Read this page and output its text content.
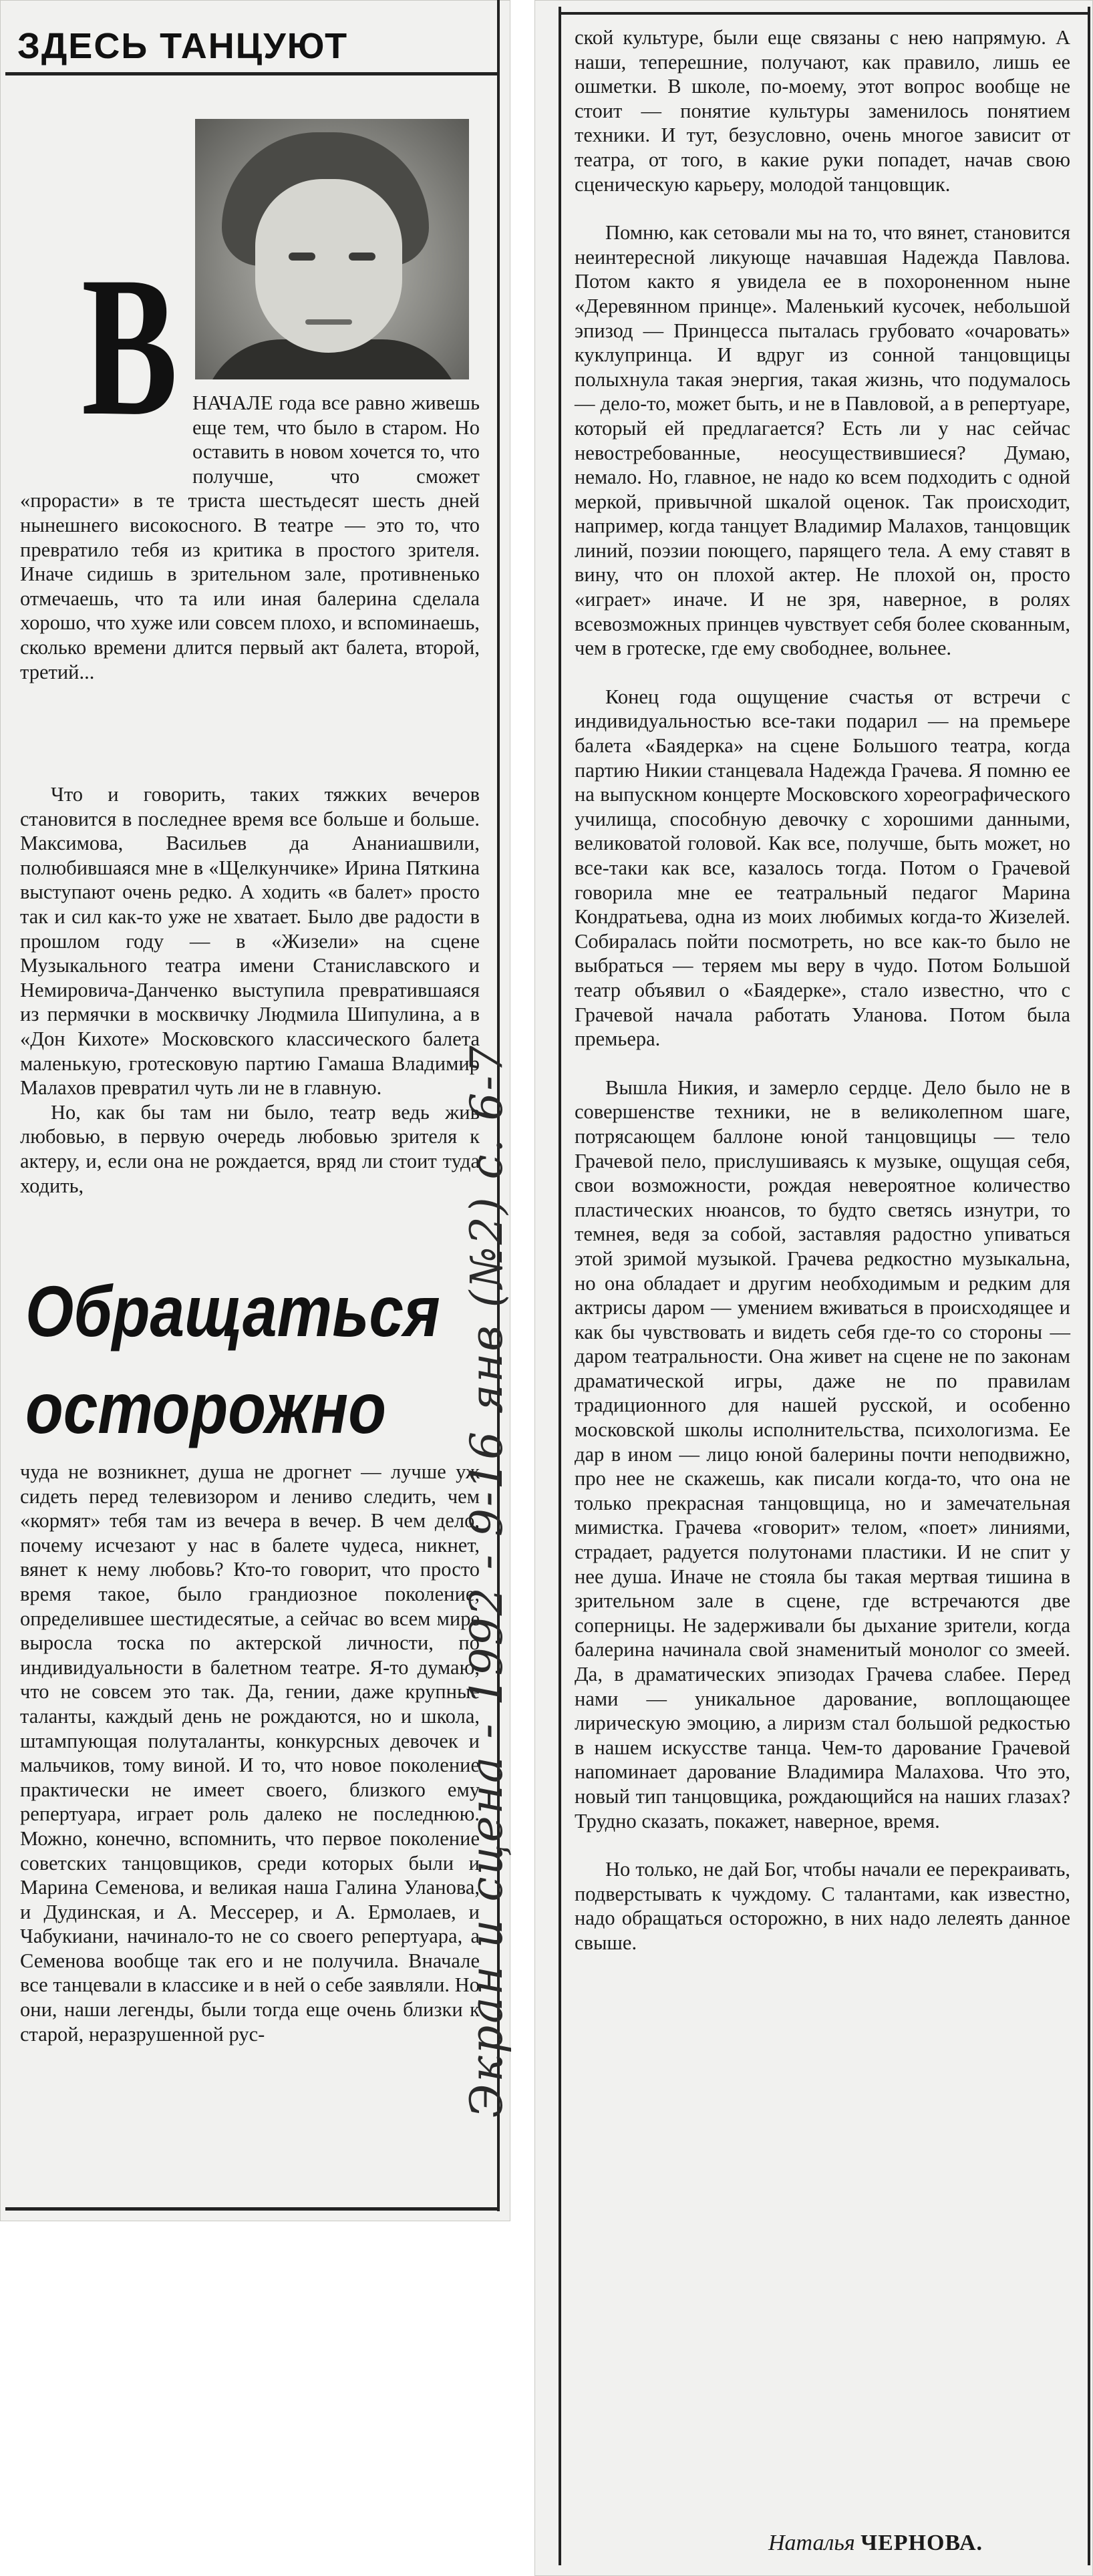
ЗДЕСЬ ТАНЦУЮТ
В НАЧАЛЕ года все равно живешь еще тем, что было в старом. Но оставить в новом хочется то, что получше, что сможет «прорасти» в те триста шестьдесят шесть дней нынешнего високосного. В театре — это то, что превратило тебя из критика в простого зрителя. Иначе сидишь в зрительном зале, противненько отмечаешь, что та или иная балерина сделала хорошо, что хуже или совсем плохо, и вспоминаешь, сколько времени длится первый акт балета, второй, третий...

Что и говорить, таких тяжких вечеров становится в последнее время все больше и больше. Максимова, Васильев да Ананиашвили, полюбившаяся мне в «Щелкунчике» Ирина Пяткина выступают очень редко. А ходить «в балет» просто так и сил как-то уже не хватает. Было две радости в прошлом году — в «Жизели» на сцене Музыкального театра имени Станиславского и Немировича-Данченко выступила превратившаяся из пермячки в москвичку Людмила Шипулина, а в «Дон Кихоте» Московского классического балета маленькую, гротесковую партию Гамаша Владимир Малахов превратил чуть ли не в главную.

Но, как бы там ни было, театр ведь жив любовью, в первую очередь любовью зрителя к актеру, и, если она не рождается, вряд ли стоит туда ходить,

Обращаться
осторожно

чуда не возникнет, душа не дрогнет — лучше уж сидеть перед телевизором и лениво следить, чем «кормят» тебя там из вечера в вечер. В чем дело, почему исчезают у нас в балете чудеса, никнет, вянет к нему любовь? Кто-то говорит, что просто время такое, было грандиозное поколение, определившее шестидесятые, а сейчас во всем мире выросла тоска по актерской личности, по индивидуальности в балетном театре. Я-то думаю, что не совсем это так. Да, гении, даже крупные таланты, каждый день не рождаются, но и школа, штампующая полуталанты, конкурсных девочек и мальчиков, тому виной. И то, что новое поколение практически не имеет своего, близкого ему репертуара, играет роль далеко не последнюю. Можно, конечно, вспомнить, что первое поколение советских танцовщиков, среди которых были и Марина Семенова, и великая наша Галина Уланова, и Дудинская, и А. Мессерер, и А. Ермолаев, и Чабукиани, начинало-то не со своего репертуара, а Семенова вообще так его и не получила. Вначале все танцевали в классике и в ней о себе заявляли. Но они, наши легенды, были тогда еще очень близки к старой, неразрушенной рус-

ской культуре, были еще связаны с нею напрямую. А наши, теперешние, получают, как правило, лишь ее ошметки. В школе, по-моему, этот вопрос вообще не стоит — понятие культуры заменилось понятием техники. И тут, безусловно, очень многое зависит от театра, от того, в какие руки попадет, начав свою сценическую карьеру, молодой танцовщик.

Помню, как сетовали мы на то, что вянет, становится неинтересной ликующе начавшая Надежда Павлова. Потом както я увидела ее в похороненном ныне «Деревянном принце». Маленький кусочек, небольшой эпизод — Принцесса пыталась грубовато «очаровать» куклупринца. И вдруг из сонной танцовщицы полыхнула такая энергия, такая жизнь, что подумалось — дело-то, может быть, и не в Павловой, а в репертуаре, который ей предлагается? Есть ли у нас сейчас невостребованные, неосуществившиеся? Думаю, немало. Но, главное, не надо ко всем подходить с одной меркой, привычной шкалой оценок. Так происходит, например, когда танцует Владимир Малахов, танцовщик линий, поэзии поющего, парящего тела. А ему ставят в вину, что он плохой актер. Не плохой он, просто «играет» иначе. И не зря, наверное, в ролях всевозможных принцев чувствует себя более скованным, чем в гротеске, где ему свободнее, вольнее.

Конец года ощущение счастья от встречи с индивидуальностью все-таки подарил — на премьере балета «Баядерка» на сцене Большого театра, когда партию Никии станцевала Надежда Грачева. Я помню ее на выпускном концерте Московского хореографического училища, способную девочку с хорошими данными, великоватой головой. Как все, получше, быть может, но все-таки как все, казалось тогда. Потом о Грачевой говорила мне ее театральный педагог Марина Кондратьева, одна из моих любимых когда-то Жизелей. Собиралась пойти посмотреть, но все как-то было не выбраться — теряем мы веру в чудо. Потом Большой театр объявил о «Баядерке», стало известно, что с Грачевой начала работать Уланова. Потом была премьера.

Вышла Никия, и замерло сердце. Дело было не в совершенстве техники, не в великолепном шаге, потрясающем баллоне юной танцовщицы — тело Грачевой пело, прислушиваясь к музыке, ощущая себя, свои возможности, рождая невероятное количество пластических нюансов, то будто светясь изнутри, то темнея, ведя за собой, заставляя радостно упиваться этой зримой музыкой. Грачева редкостно музыкальна, но она обладает и другим необходимым и редким для актрисы даром — умением вживаться в происходящее и как бы чувствовать и видеть себя где-то со стороны — даром театральности. Она живет на сцене не по законам драматической игры, даже не по правилам традиционного для нашей русской, и особенно московской школы исполнительства, психологизма. Ее дар в ином — лицо юной балерины почти неподвижно, про нее не скажешь, как писали когда-то, что она не только прекрасная танцовщица, но и замечательная мимистка. Грачева «говорит» телом, «поет» линиями, страдает, радуется полутонами пластики. И не спит у нее душа. Иначе не стояла бы такая мертвая тишина в зрительном зале в сцене, где встречаются две соперницы. Не задерживали бы дыхание зрители, когда балерина начинала свой знаменитый монолог со змеей. Да, в драматических эпизодах Грачева слабее. Перед нами — уникальное дарование, воплощающее лирическую эмоцию, а лиризм стал большой редкостью в нашем искусстве танца. Чем-то дарование Грачевой напоминает дарование Владимира Малахова. Что это, новый тип танцовщика, рождающийся на наших глазах? Трудно сказать, покажет, наверное, время.

Но только, не дай Бог, чтобы начали ее перекраивать, подверстывать к чуждому. С талантами, как известно, надо обращаться осторожно, в них надо лелеять данное свыше.

Наталья ЧЕРНОВА.
Экран и сцена - 1992 - 9-16 янв (№2) с. 6-7
